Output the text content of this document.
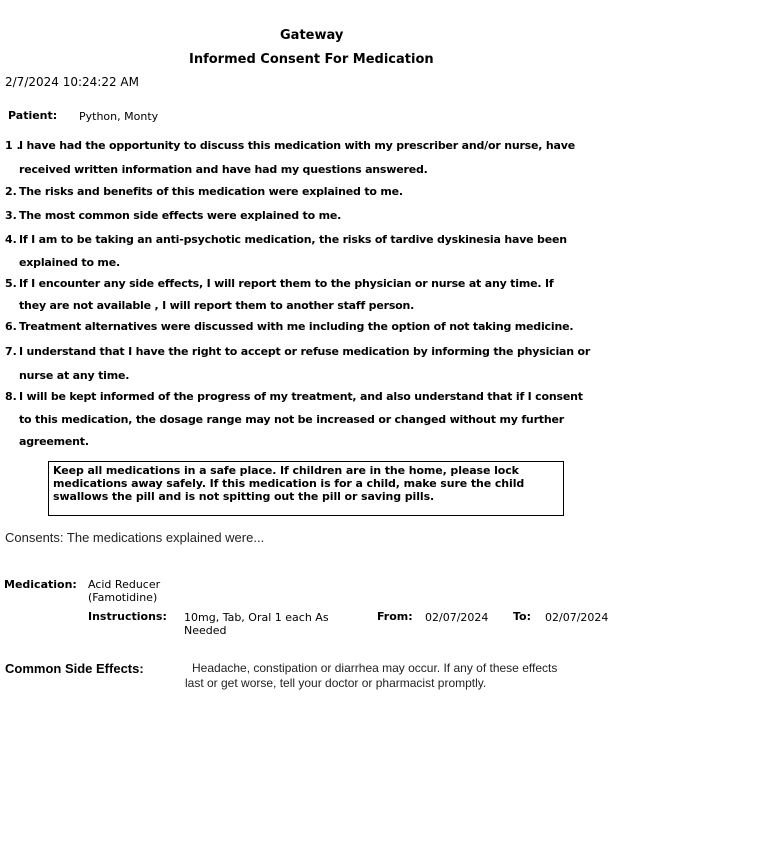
Gateway
Informed Consent For Medication
2/7/2024 10:24:22 AM
Patient: Python, Monty
1 .
I have had the opportunity to discuss this medication with my prescriber and/or nurse, have
received written information and have had my questions answered.
2. The risks and benefits of this medication were explained to me.
3. The most common side effects were explained to me.
4. If I am to be taking an anti-psychotic medication, the risks of tardive dyskinesia have been
explained to me.
5. If I encounter any side effects, I will report them to the physician or nurse at any time. If
they are not available , I will report them to another staff person.
6. Treatment alternatives were discussed with me including the option of not taking medicine.
7. I understand that I have the right to accept or refuse medication by informing the physician or
nurse at any time.
8. I will be kept informed of the progress of my treatment, and also understand that if I consent
to this medication, the dosage range may not be increased or changed without my further
agreement.
Keep all medications in a safe place. If children are in the home, please lock
medications away safely. If this medication is for a child, make sure the child
swallows the pill and is not spitting out the pill or saving pills.
Consents: The medications explained were...
Medication: Acid Reducer
(Famotidine)
Instructions: 10mg, Tab, Oral 1 each As
Needed
From: 02/07/2024 To: 02/07/2024
Common Side Effects:	Headache, constipation or diarrhea may occur. If any of these effects
last or get worse, tell your doctor or pharmacist promptly.
